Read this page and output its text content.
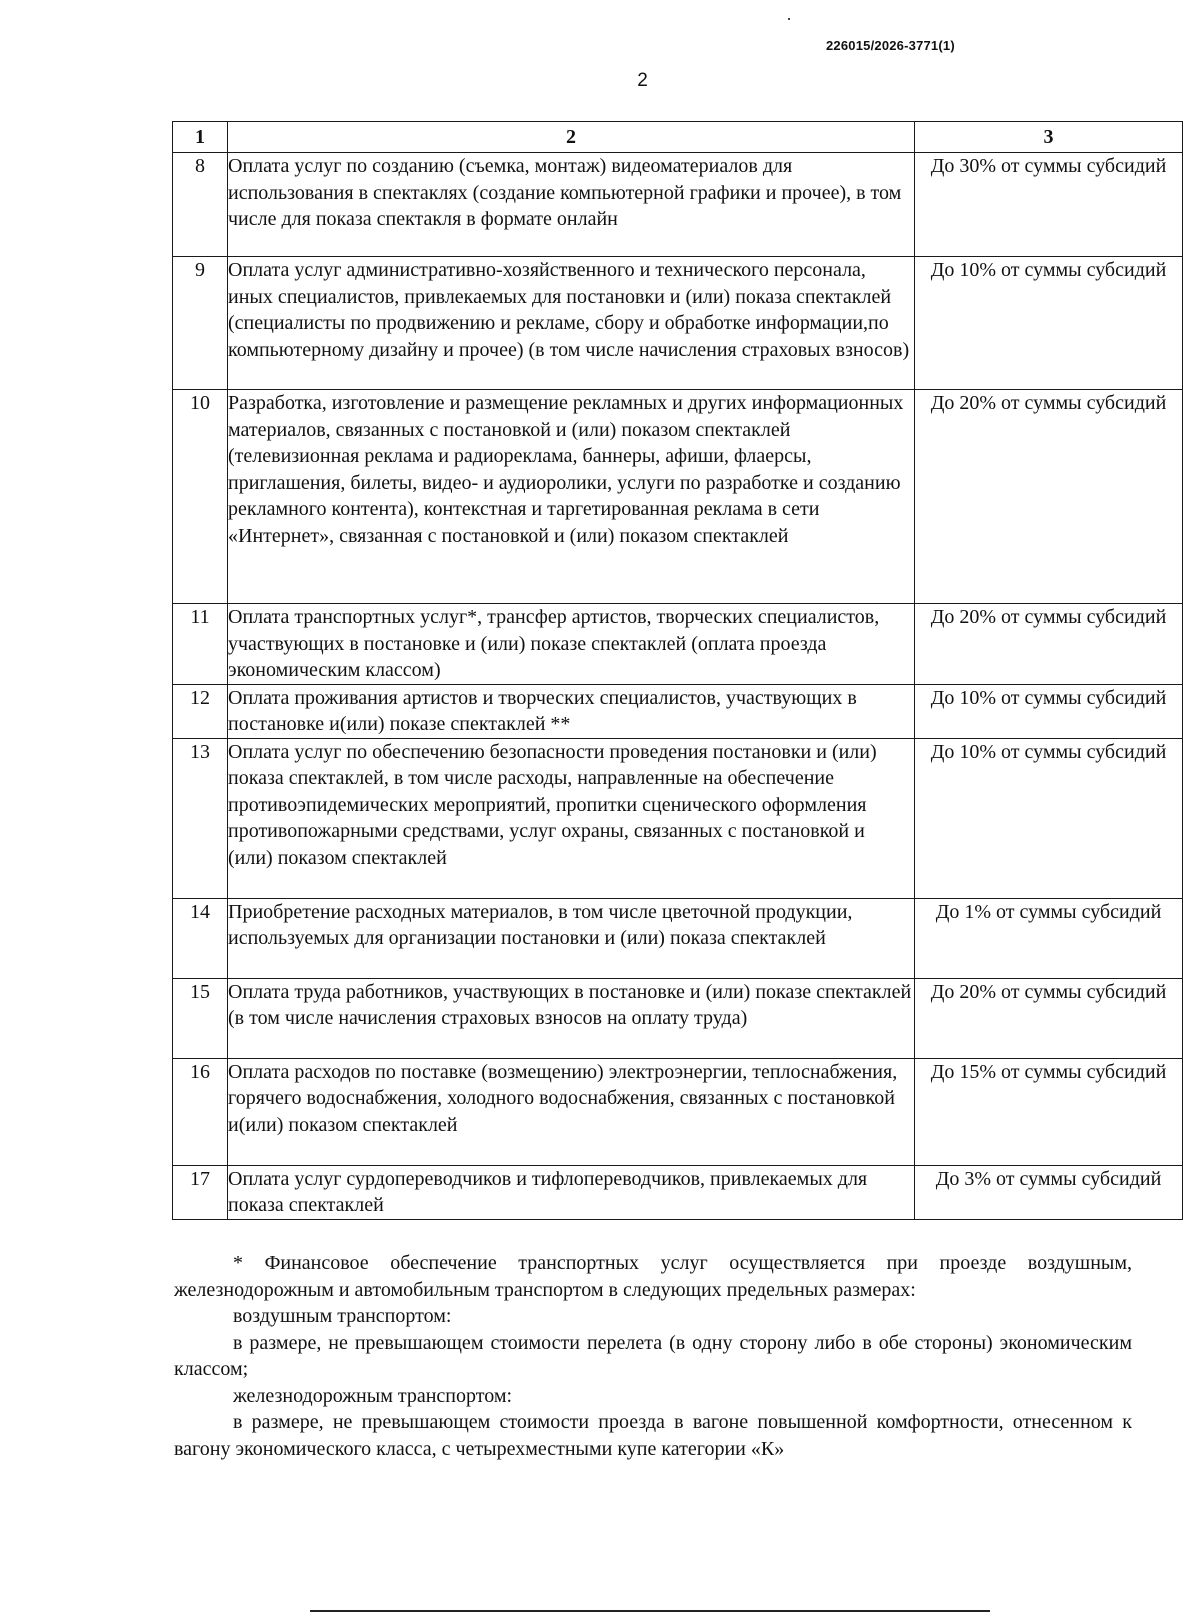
226015/2026-3771(1)
2
1	2	3
8	Оплата услуг по созданию (съемка, монтаж) видеоматериалов для использования в спектаклях (создание компьютерной графики и прочее), в том числе для показа спектакля в формате онлайн	До 30% от суммы субсидий
9	Оплата услуг административно-хозяйственного и технического персонала, иных специалистов, привлекаемых для постановки и (или) показа спектаклей (специалисты по продвижению и рекламе, сбору и обработке информации,по компьютерному дизайну и прочее) (в том числе начисления страховых взносов)	До 10% от суммы субсидий
10	Разработка, изготовление и размещение рекламных и других информационных материалов, связанных с постановкой и (или) показом спектаклей (телевизионная реклама и радиореклама, баннеры, афиши, флаерсы, приглашения, билеты, видео- и аудиоролики, услуги по разработке и созданию рекламного контента), контекстная и таргетированная реклама в сети «Интернет», связанная с постановкой и (или) показом спектаклей	До 20% от суммы субсидий
11	Оплата транспортных услуг*, трансфер артистов, творческих специалистов, участвующих в постановке и (или) показе спектаклей (оплата проезда экономическим классом)	До 20% от суммы субсидий
12	Оплата проживания артистов и творческих специалистов, участвующих в постановке и(или) показе спектаклей **	До 10% от суммы субсидий
13	Оплата услуг по обеспечению безопасности проведения постановки и (или) показа спектаклей, в том числе расходы, направленные на обеспечение противоэпидемических мероприятий, пропитки сценического оформления противопожарными средствами, услуг охраны, связанных с постановкой и (или) показом спектаклей	До 10% от суммы субсидий
14	Приобретение расходных материалов, в том числе цветочной продукции, используемых для организации постановки и (или) показа спектаклей	До 1% от суммы субсидий
15	Оплата труда работников, участвующих в постановке и (или) показе спектаклей (в том числе начисления страховых взносов на оплату труда)	До 20% от суммы субсидий
16	Оплата расходов по поставке (возмещению) электроэнергии, теплоснабжения, горячего водоснабжения, холодного водоснабжения, связанных с постановкой и(или) показом спектаклей	До 15% от суммы субсидий
17	Оплата услуг сурдопереводчиков и тифлопереводчиков, привлекаемых для показа спектаклей	До 3% от суммы субсидий

* Финансовое обеспечение транспортных услуг осуществляется при проезде воздушным, железнодорожным и автомобильным транспортом в следующих предельных размерах:

воздушным транспортом:

в размере, не превышающем стоимости перелета (в одну сторону либо в обе стороны) экономическим классом;

железнодорожным транспортом:

в размере, не превышающем стоимости проезда в вагоне повышенной комфортности, отнесенном к вагону экономического класса, с четырехместными купе категории «К»
